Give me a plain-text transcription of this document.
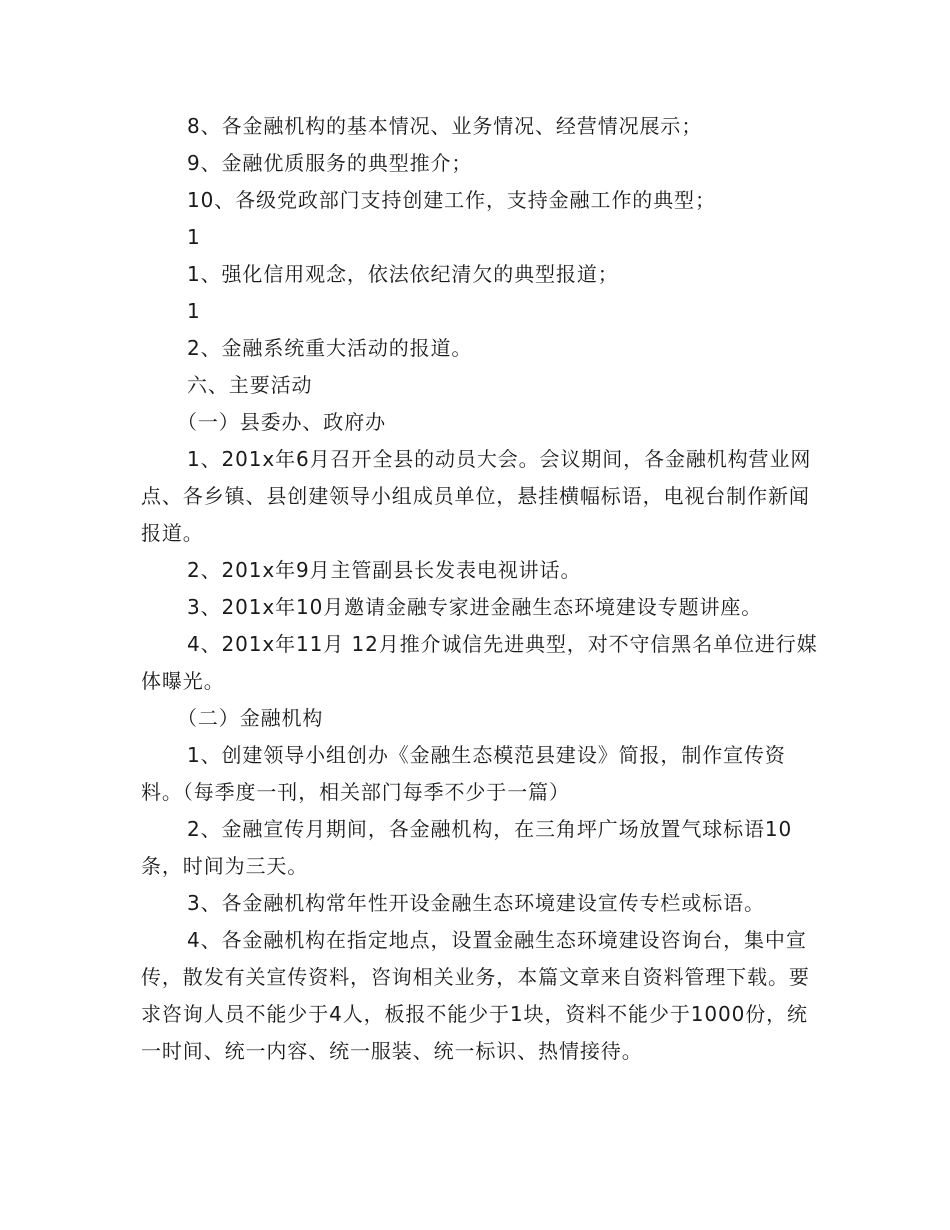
8、各金融机构的基本情况、业务情况、经营情况展示；

9、金融优质服务的典型推介；

10、各级党政部门支持创建工作，支持金融工作的典型；

1

1、强化信用观念，依法依纪清欠的典型报道；

1

2、金融系统重大活动的报道。

六、主要活动

（一）县委办、政府办

1、201x年6月召开全县的动员大会。会议期间，各金融机构营业网点、各乡镇、县创建领导小组成员单位，悬挂横幅标语，电视台制作新闻报道。

2、201x年9月主管副县长发表电视讲话。

3、201x年10月邀请金融专家进金融生态环境建设专题讲座。

4、201x年11月 12月推介诚信先进典型，对不守信黑名单位进行媒体曝光。

（二）金融机构

1、创建领导小组创办《金融生态模范县建设》简报，制作宣传资料。（每季度一刊，相关部门每季不少于一篇）

2、金融宣传月期间，各金融机构，在三角坪广场放置气球标语10条，时间为三天。

3、各金融机构常年性开设金融生态环境建设宣传专栏或标语。

4、各金融机构在指定地点，设置金融生态环境建设咨询台，集中宣传，散发有关宣传资料，咨询相关业务，本篇文章来自资料管理下载。要求咨询人员不能少于4人，板报不能少于1块，资料不能少于1000份，统一时间、统一内容、统一服装、统一标识、热情接待。
